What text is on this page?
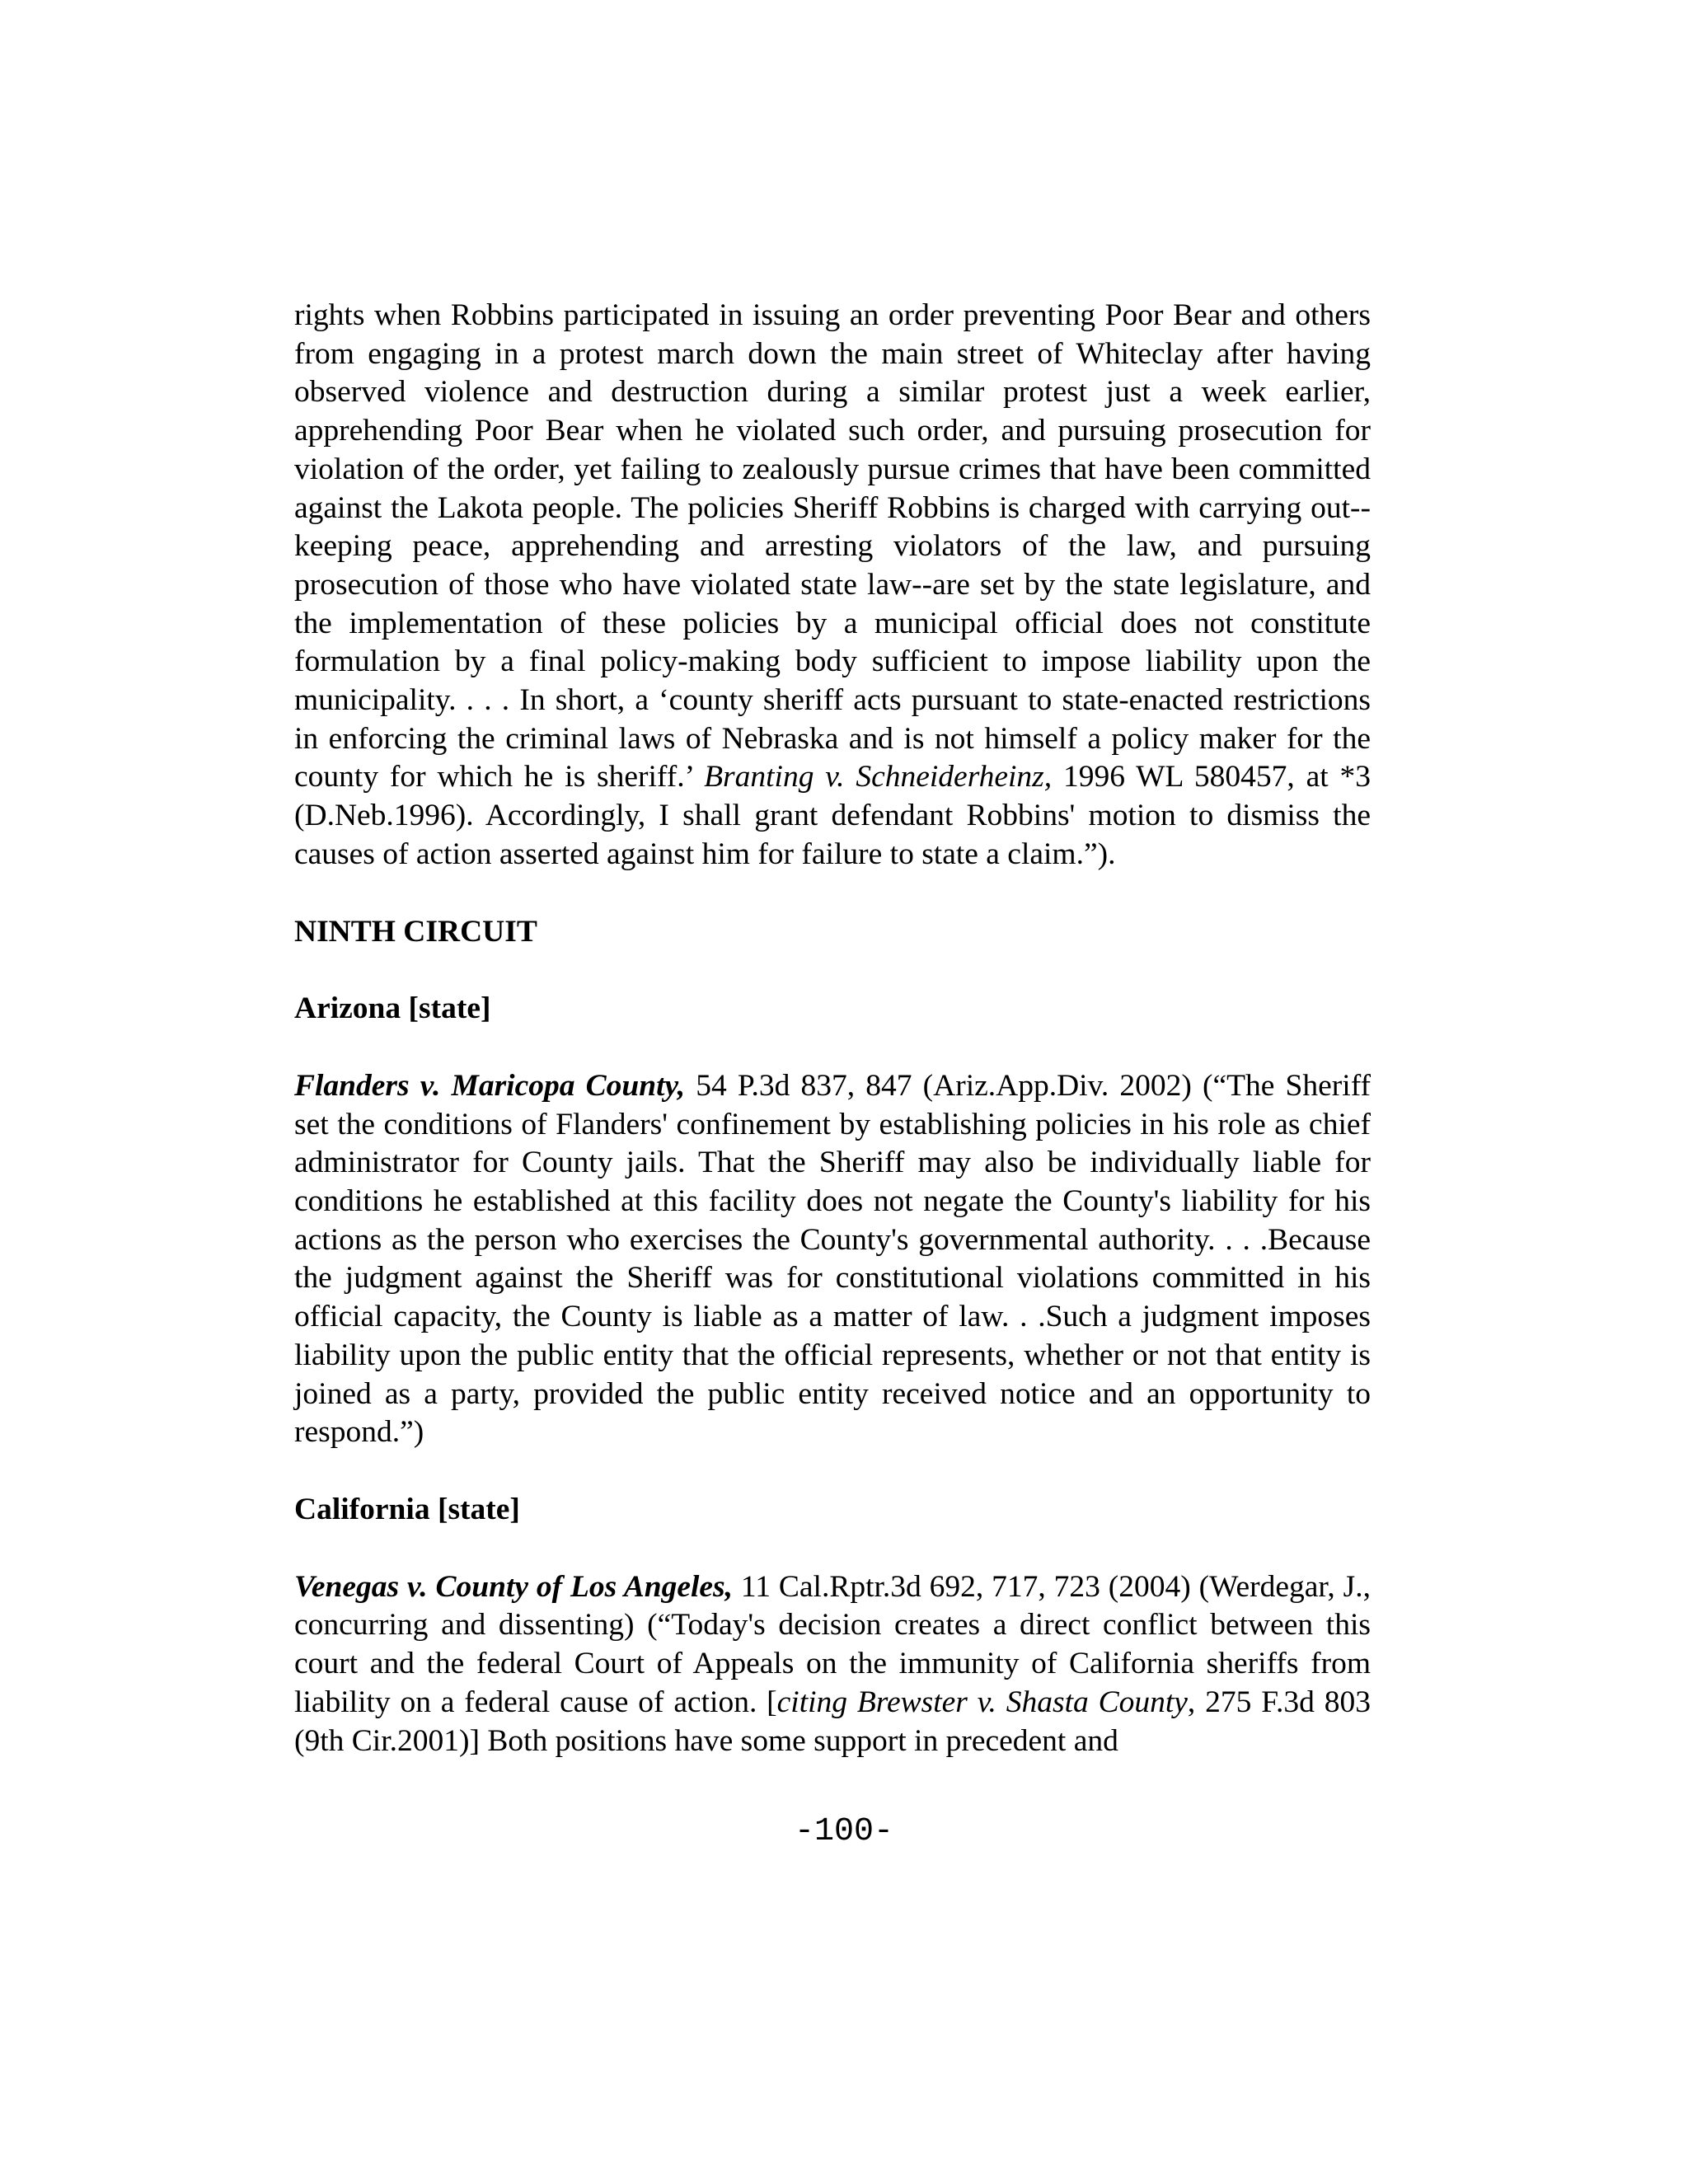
rights when Robbins participated in issuing an order preventing Poor Bear and others from engaging in a protest march down the main street of Whiteclay after having observed violence and destruction during a similar protest just a week earlier, apprehending Poor Bear when he violated such order, and pursuing prosecution for violation of the order, yet failing to zealously pursue crimes that have been committed against the Lakota people. The policies Sheriff Robbins is charged with carrying out--keeping peace, apprehending and arresting violators of the law, and pursuing prosecution of those who have violated state law--are set by the state legislature, and the implementation of these policies by a municipal official does not constitute formulation by a final policy-making body sufficient to impose liability upon the municipality. . . . In short, a ‘county sheriff acts pursuant to state-enacted restrictions in enforcing the criminal laws of Nebraska and is not himself a policy maker for the county for which he is sheriff.’ Branting v. Schneiderheinz, 1996 WL 580457, at *3 (D.Neb.1996). Accordingly, I shall grant defendant Robbins' motion to dismiss the causes of action asserted against him for failure to state a claim.”).

NINTH CIRCUIT

Arizona [state]

Flanders v. Maricopa County, 54 P.3d 837, 847 (Ariz.App.Div. 2002) (“The Sheriff set the conditions of Flanders' confinement by establishing policies in his role as chief administrator for County jails. That the Sheriff may also be individually liable for conditions he established at this facility does not negate the County's liability for his actions as the person who exercises the County's governmental authority. . . .Because the judgment against the Sheriff was for constitutional violations committed in his official capacity, the County is liable as a matter of law. . .Such a judgment imposes liability upon the public entity that the official represents, whether or not that entity is joined as a party, provided the public entity received notice and an opportunity to respond.”)

California [state]

Venegas v. County of Los Angeles, 11 Cal.Rptr.3d 692, 717, 723 (2004) (Werdegar, J., concurring and dissenting) (“Today's decision creates a direct conflict between this court and the federal Court of Appeals on the immunity of California sheriffs from liability on a federal cause of action. [citing Brewster v. Shasta County, 275 F.3d 803 (9th Cir.2001)] Both positions have some support in precedent and

-100-
